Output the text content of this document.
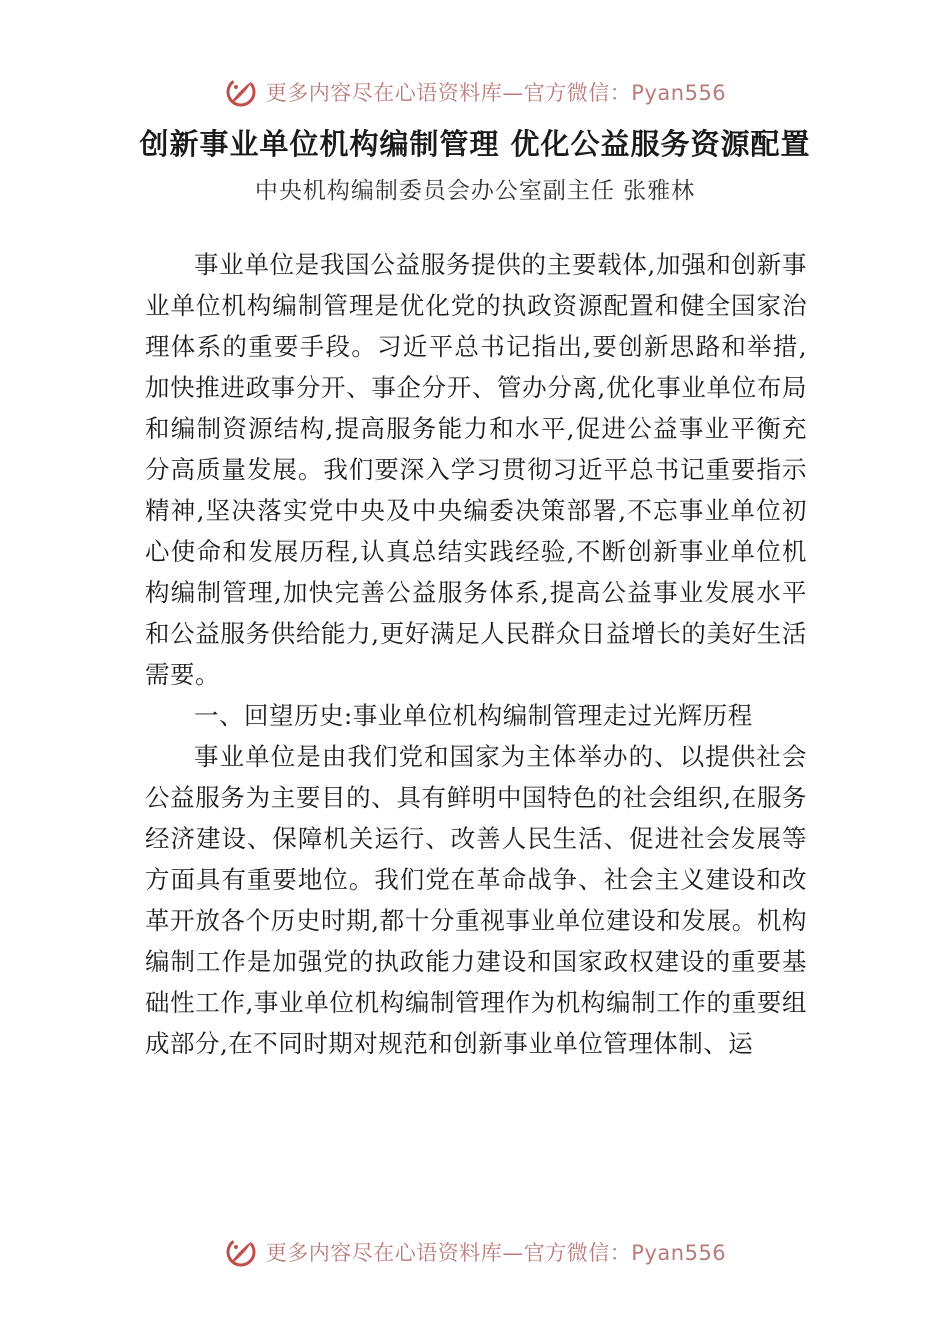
更多内容尽在心语资料库—官方微信：Pyan556
创新事业单位机构编制管理 优化公益服务资源配置
中央机构编制委员会办公室副主任 张雅林

事业单位是我国公益服务提供的主要载体,加强和创新事业单位机构编制管理是优化党的执政资源配置和健全国家治理体系的重要手段。习近平总书记指出,要创新思路和举措,加快推进政事分开、事企分开、管办分离,优化事业单位布局和编制资源结构,提高服务能力和水平,促进公益事业平衡充分高质量发展。我们要深入学习贯彻习近平总书记重要指示精神,坚决落实党中央及中央编委决策部署,不忘事业单位初心使命和发展历程,认真总结实践经验,不断创新事业单位机构编制管理,加快完善公益服务体系,提高公益事业发展水平和公益服务供给能力,更好满足人民群众日益增长的美好生活需要。

一、回望历史:事业单位机构编制管理走过光辉历程

事业单位是由我们党和国家为主体举办的、以提供社会公益服务为主要目的、具有鲜明中国特色的社会组织,在服务经济建设、保障机关运行、改善人民生活、促进社会发展等方面具有重要地位。我们党在革命战争、社会主义建设和改革开放各个历史时期,都十分重视事业单位建设和发展。机构编制工作是加强党的执政能力建设和国家政权建设的重要基础性工作,事业单位机构编制管理作为机构编制工作的重要组成部分,在不同时期对规范和创新事业单位管理体制、运

更多内容尽在心语资料库—官方微信：Pyan556
